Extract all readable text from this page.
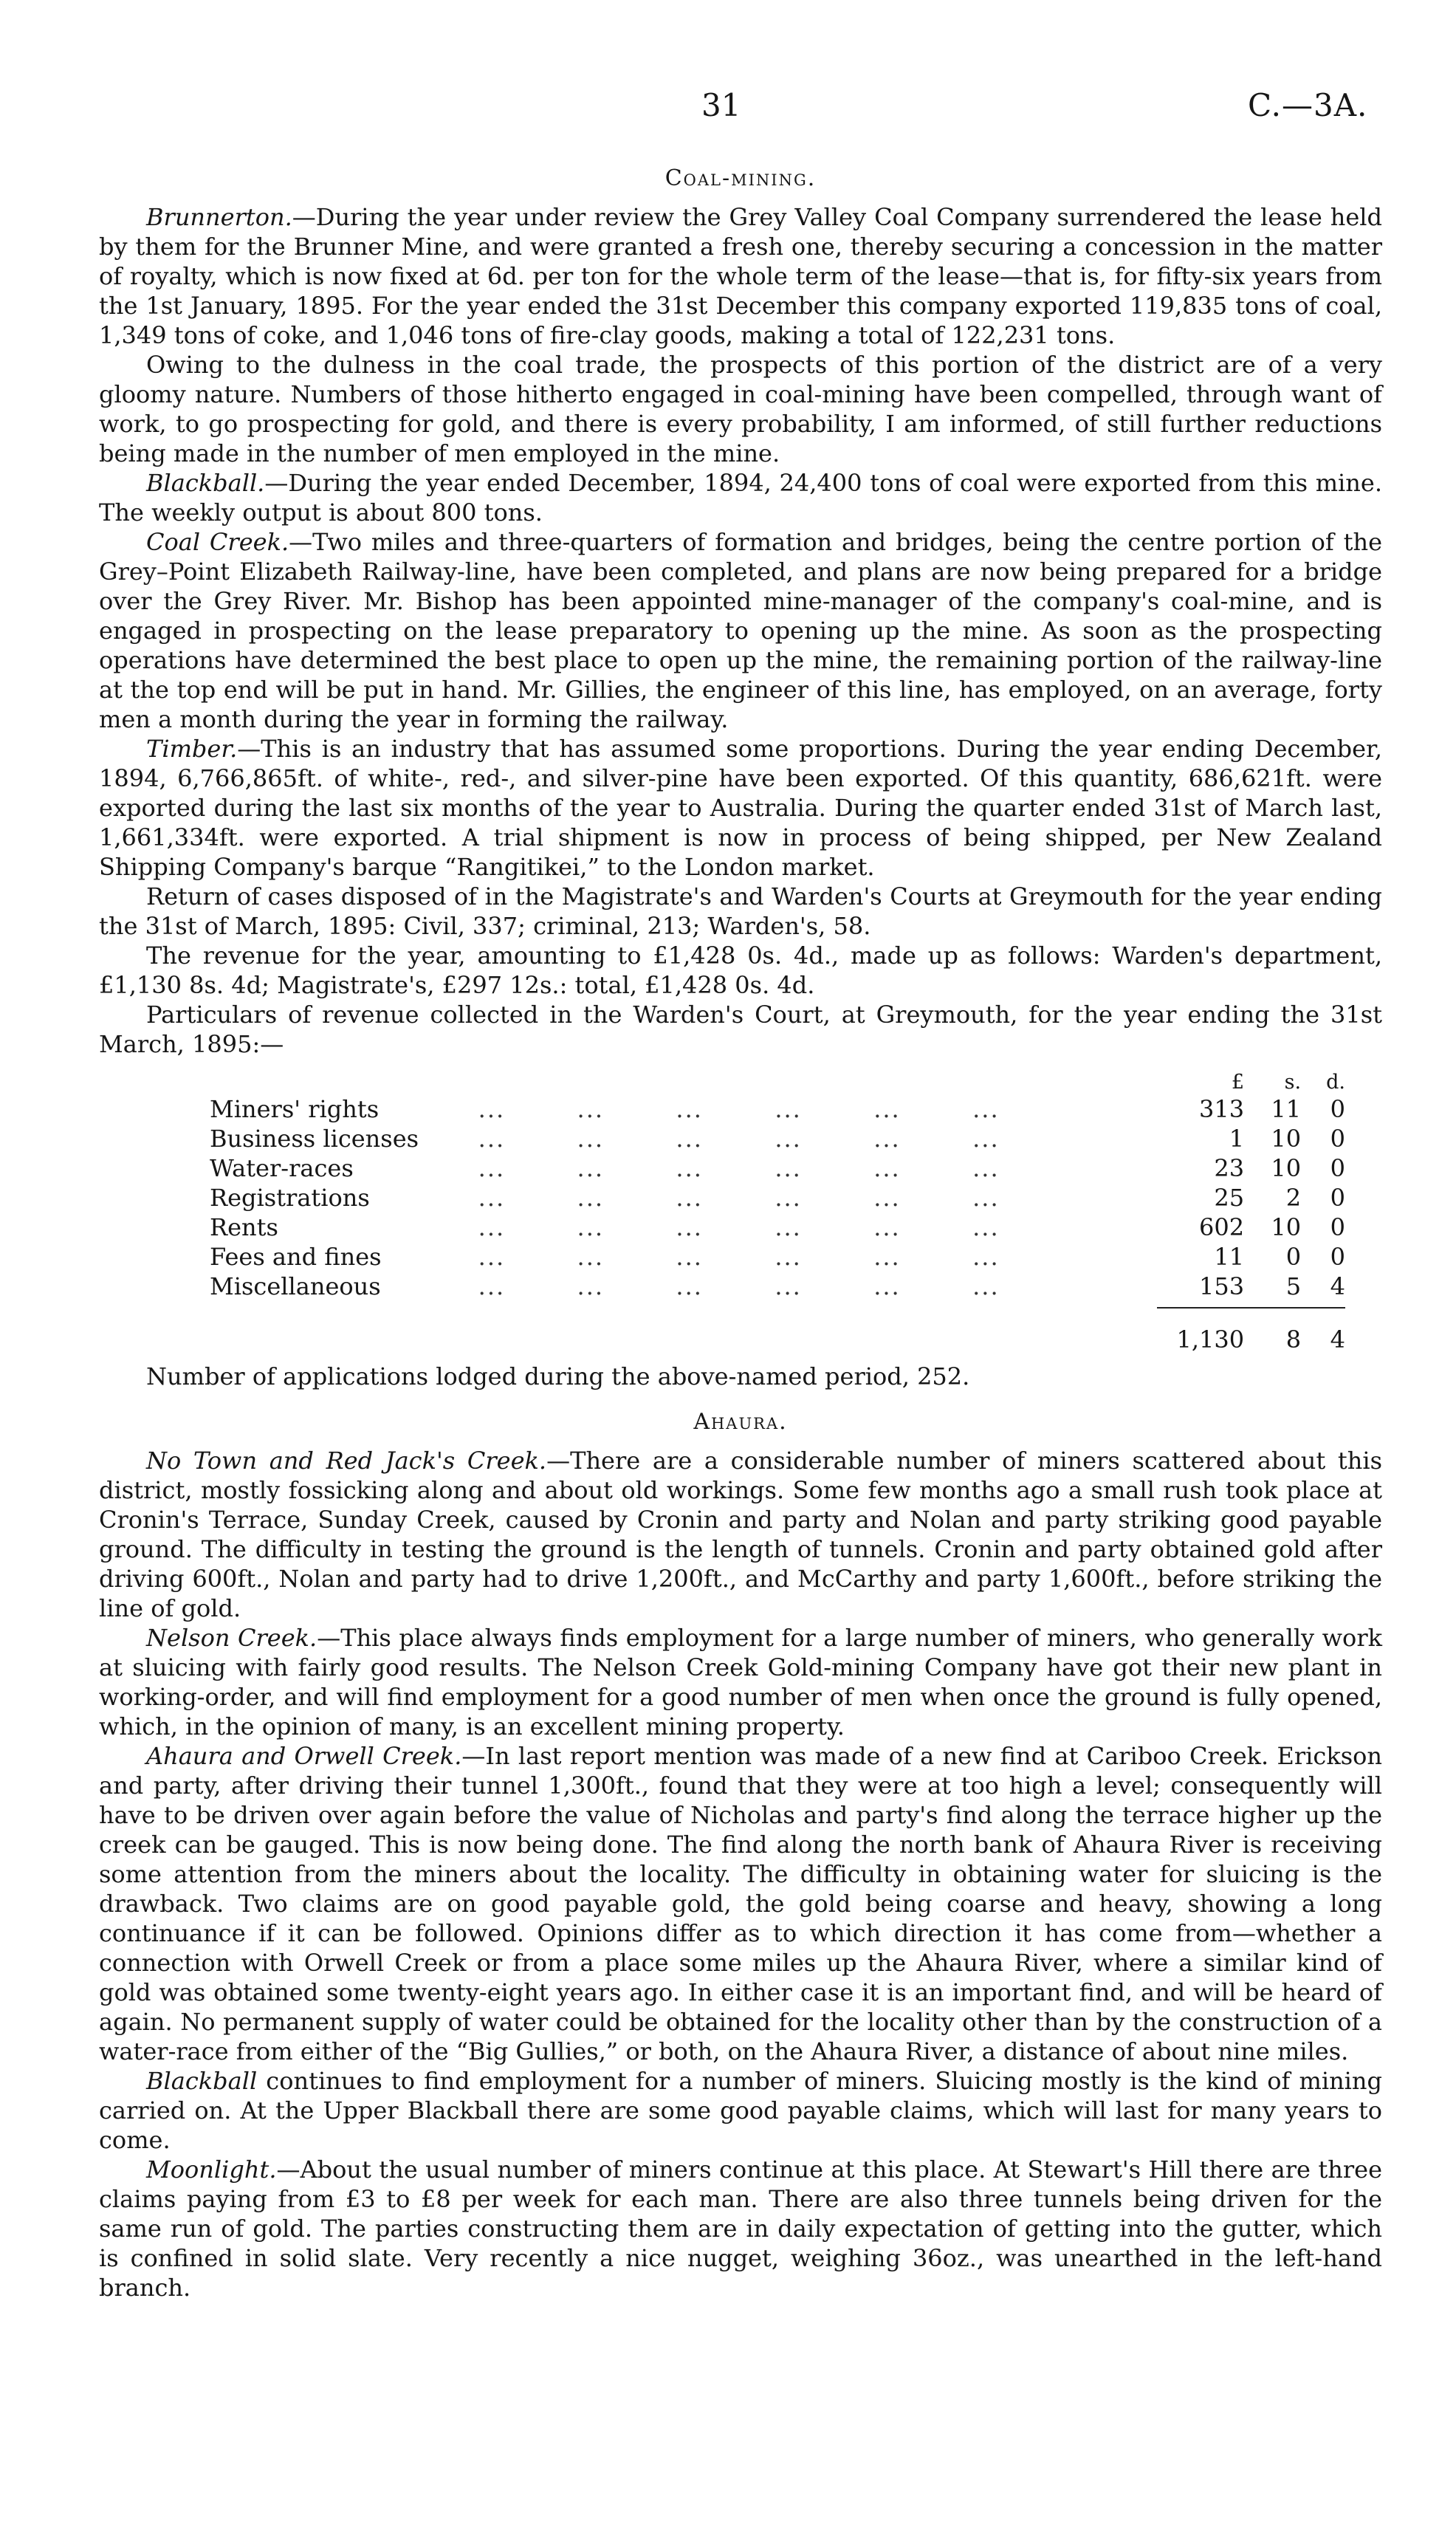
31	C.—3A.
Coal-mining.

Brunnerton.—During the year under review the Grey Valley Coal Company surrendered the lease held by them for the Brunner Mine, and were granted a fresh one, thereby securing a concession in the matter of royalty, which is now fixed at 6d. per ton for the whole term of the lease—that is, for fifty-six years from the 1st January, 1895. For the year ended the 31st December this company exported 119,835 tons of coal, 1,349 tons of coke, and 1,046 tons of fire-clay goods, making a total of 122,231 tons.

Owing to the dulness in the coal trade, the prospects of this portion of the district are of a very gloomy nature. Numbers of those hitherto engaged in coal-mining have been compelled, through want of work, to go prospecting for gold, and there is every probability, I am informed, of still further reductions being made in the number of men employed in the mine.

Blackball.—During the year ended December, 1894, 24,400 tons of coal were exported from this mine. The weekly output is about 800 tons.

Coal Creek.—Two miles and three-quarters of formation and bridges, being the centre portion of the Grey–Point Elizabeth Railway-line, have been completed, and plans are now being prepared for a bridge over the Grey River. Mr. Bishop has been appointed mine-manager of the company's coal-mine, and is engaged in prospecting on the lease preparatory to opening up the mine. As soon as the prospecting operations have determined the best place to open up the mine, the remaining portion of the railway-line at the top end will be put in hand. Mr. Gillies, the engineer of this line, has employed, on an average, forty men a month during the year in forming the railway.

Timber.—This is an industry that has assumed some proportions. During the year ending December, 1894, 6,766,865ft. of white-, red-, and silver-pine have been exported. Of this quantity, 686,621ft. were exported during the last six months of the year to Australia. During the quarter ended 31st of March last, 1,661,334ft. were exported. A trial shipment is now in process of being shipped, per New Zealand Shipping Company's barque “Rangitikei,” to the London market.

Return of cases disposed of in the Magistrate's and Warden's Courts at Greymouth for the year ending the 31st of March, 1895: Civil, 337; criminal, 213; Warden's, 58.

The revenue for the year, amounting to £1,428 0s. 4d., made up as follows: Warden's department, £1,130 8s. 4d; Magistrate's, £297 12s.: total, £1,428 0s. 4d.

Particulars of revenue collected in the Warden's Court, at Greymouth, for the year ending the 31st March, 1895:—

		£	s.	d.
Miners' rights	...        ...        ...        ...        ...        ...	313	11	0
Business licenses	...        ...        ...        ...        ...        ...	1	10	0
Water-races	...        ...        ...        ...        ...        ...	23	10	0
Registrations	...        ...        ...        ...        ...        ...	25	2	0
Rents	...        ...        ...        ...        ...        ...	602	10	0
Fees and fines	...        ...        ...        ...        ...        ...	11	0	0
Miscellaneous	...        ...        ...        ...        ...        ...	153	5	4

		1,130	8	4

Number of applications lodged during the above-named period, 252.

Ahaura.

No Town and Red Jack's Creek.—There are a considerable number of miners scattered about this district, mostly fossicking along and about old workings. Some few months ago a small rush took place at Cronin's Terrace, Sunday Creek, caused by Cronin and party and Nolan and party striking good payable ground. The difficulty in testing the ground is the length of tunnels. Cronin and party obtained gold after driving 600ft., Nolan and party had to drive 1,200ft., and McCarthy and party 1,600ft., before striking the line of gold.

Nelson Creek.—This place always finds employment for a large number of miners, who generally work at sluicing with fairly good results. The Nelson Creek Gold-mining Company have got their new plant in working-order, and will find employment for a good number of men when once the ground is fully opened, which, in the opinion of many, is an excellent mining property.

Ahaura and Orwell Creek.—In last report mention was made of a new find at Cariboo Creek. Erickson and party, after driving their tunnel 1,300ft., found that they were at too high a level; consequently will have to be driven over again before the value of Nicholas and party's find along the terrace higher up the creek can be gauged. This is now being done. The find along the north bank of Ahaura River is receiving some attention from the miners about the locality. The difficulty in obtaining water for sluicing is the drawback. Two claims are on good payable gold, the gold being coarse and heavy, showing a long continuance if it can be followed. Opinions differ as to which direction it has come from—whether a connection with Orwell Creek or from a place some miles up the Ahaura River, where a similar kind of gold was obtained some twenty-eight years ago. In either case it is an important find, and will be heard of again. No permanent supply of water could be obtained for the locality other than by the construction of a water-race from either of the “Big Gullies,” or both, on the Ahaura River, a distance of about nine miles.

Blackball continues to find employment for a number of miners. Sluicing mostly is the kind of mining carried on. At the Upper Blackball there are some good payable claims, which will last for many years to come.

Moonlight.—About the usual number of miners continue at this place. At Stewart's Hill there are three claims paying from £3 to £8 per week for each man. There are also three tunnels being driven for the same run of gold. The parties constructing them are in daily expectation of getting into the gutter, which is confined in solid slate. Very recently a nice nugget, weighing 36oz., was unearthed in the left-hand branch.
